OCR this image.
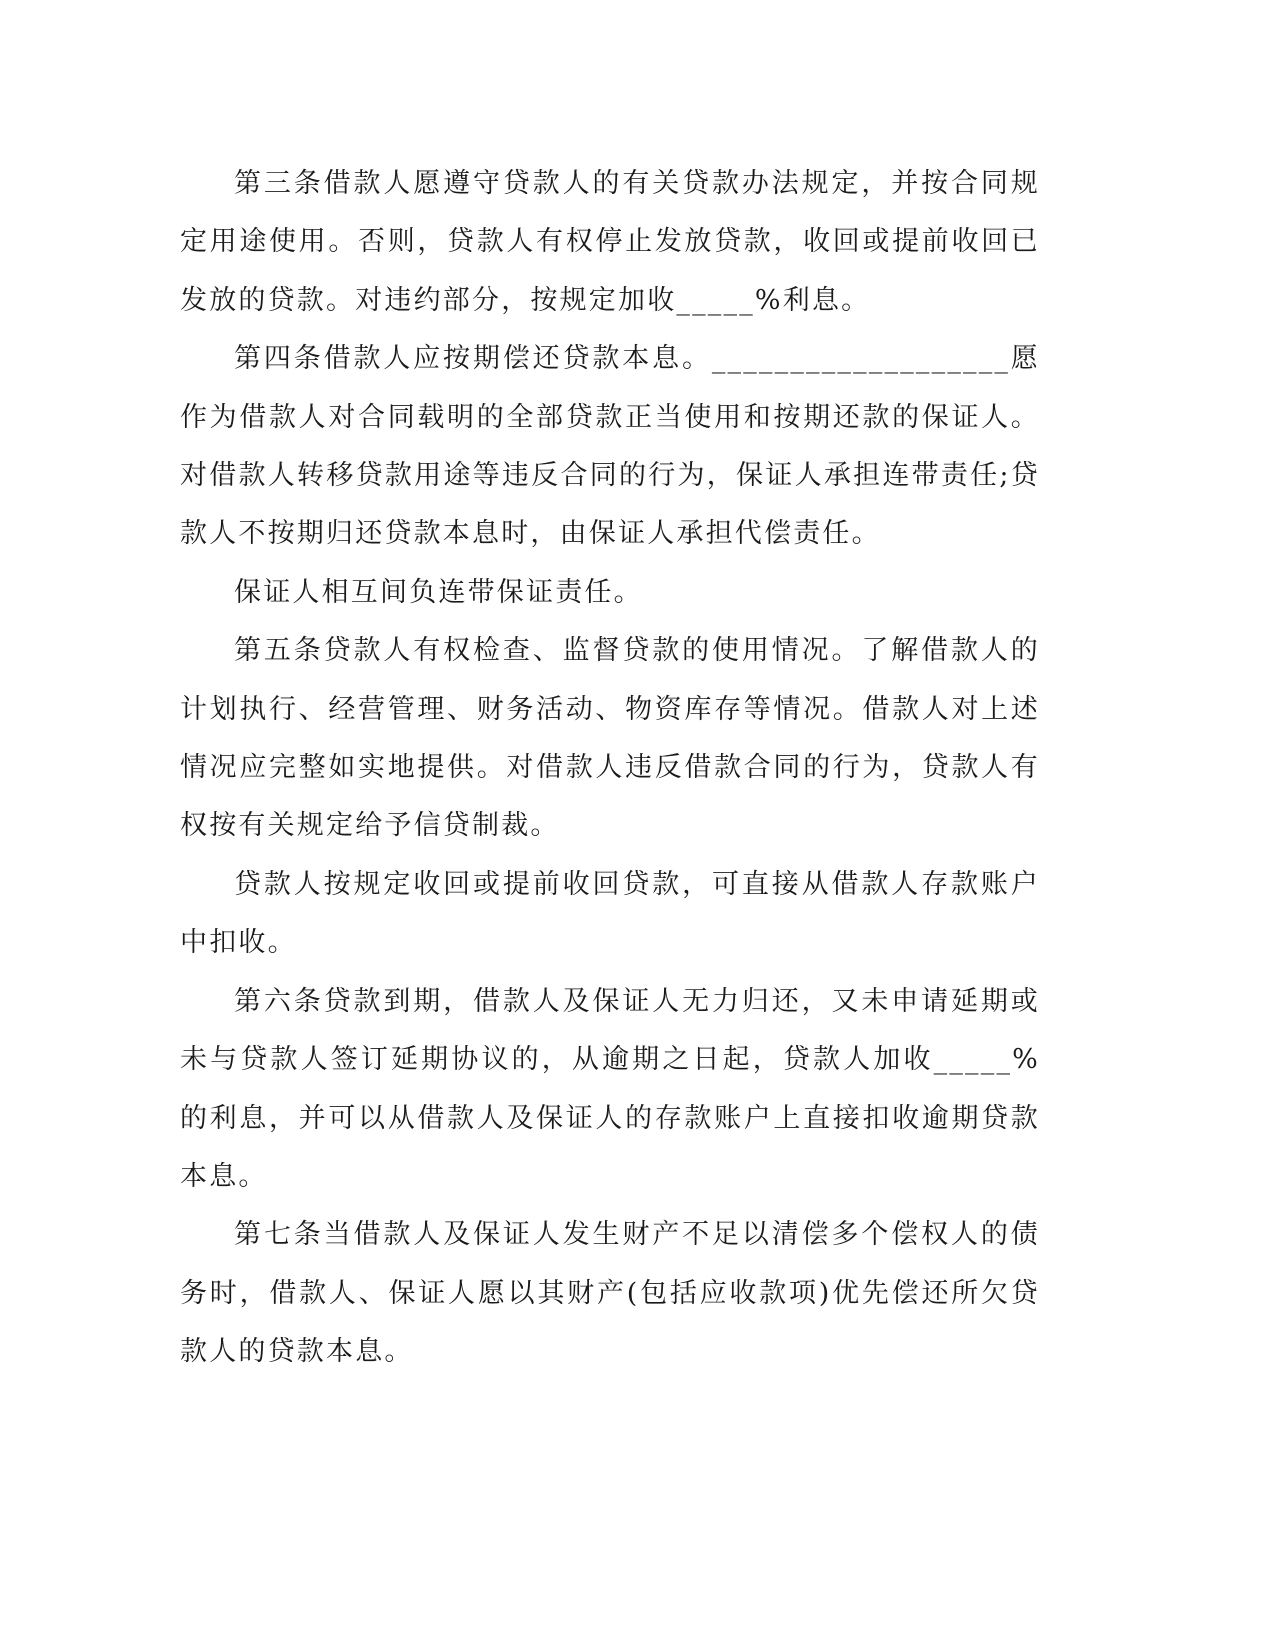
第三条借款人愿遵守贷款人的有关贷款办法规定，并按合同规定用途使用。否则，贷款人有权停止发放贷款，收回或提前收回已发放的贷款。对违约部分，按规定加收_____%利息。

第四条借款人应按期偿还贷款本息。___________________愿作为借款人对合同载明的全部贷款正当使用和按期还款的保证人。对借款人转移贷款用途等违反合同的行为，保证人承担连带责任;贷款人不按期归还贷款本息时，由保证人承担代偿责任。

保证人相互间负连带保证责任。

第五条贷款人有权检查、监督贷款的使用情况。了解借款人的计划执行、经营管理、财务活动、物资库存等情况。借款人对上述情况应完整如实地提供。对借款人违反借款合同的行为，贷款人有权按有关规定给予信贷制裁。

贷款人按规定收回或提前收回贷款，可直接从借款人存款账户中扣收。

第六条贷款到期，借款人及保证人无力归还，又未申请延期或未与贷款人签订延期协议的，从逾期之日起，贷款人加收_____%的利息，并可以从借款人及保证人的存款账户上直接扣收逾期贷款本息。

第七条当借款人及保证人发生财产不足以清偿多个偿权人的债务时，借款人、保证人愿以其财产(包括应收款项)优先偿还所欠贷款人的贷款本息。
